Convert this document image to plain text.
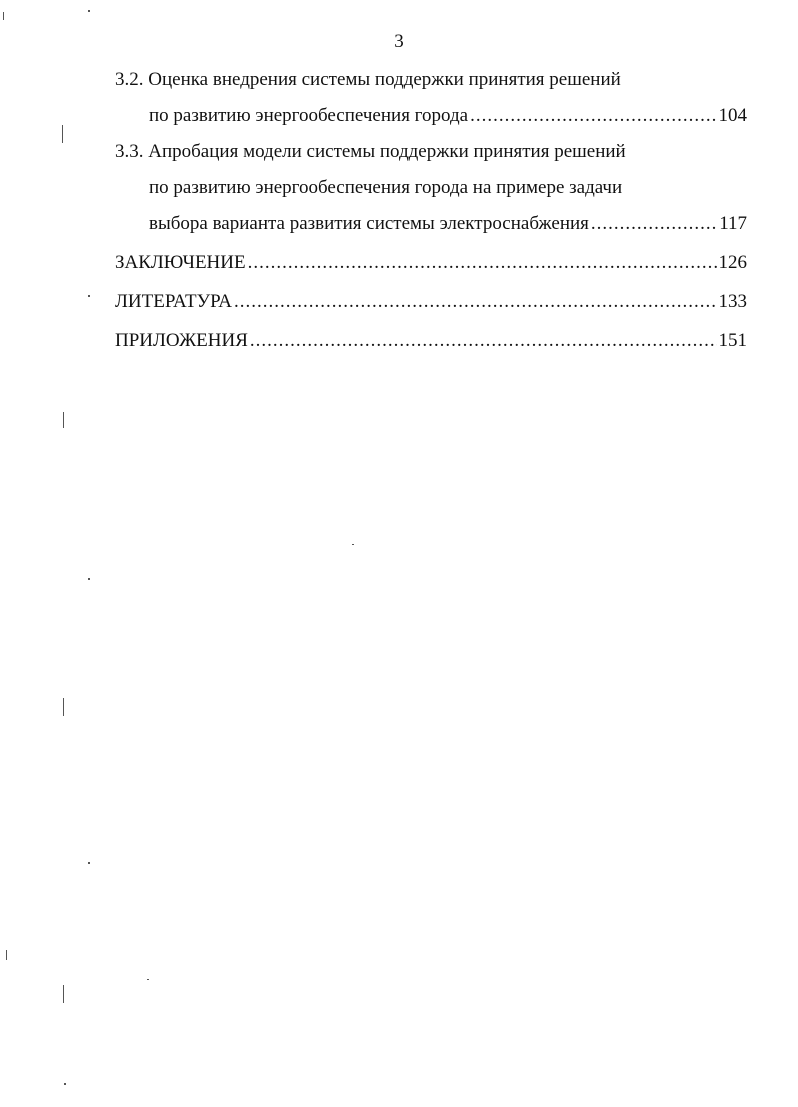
3
3.2. Оценка внедрения системы поддержки принятия решений
по развитию энергообеспечения города .....	104
3.3. Апробация модели системы поддержки принятия решений
по развитию энергообеспечения города на примере задачи
выбора варианта развития системы электроснабжения .....	117
ЗАКЛЮЧЕНИЕ .....	126
ЛИТЕРАТУРА .....	133
ПРИЛОЖЕНИЯ .....	151
